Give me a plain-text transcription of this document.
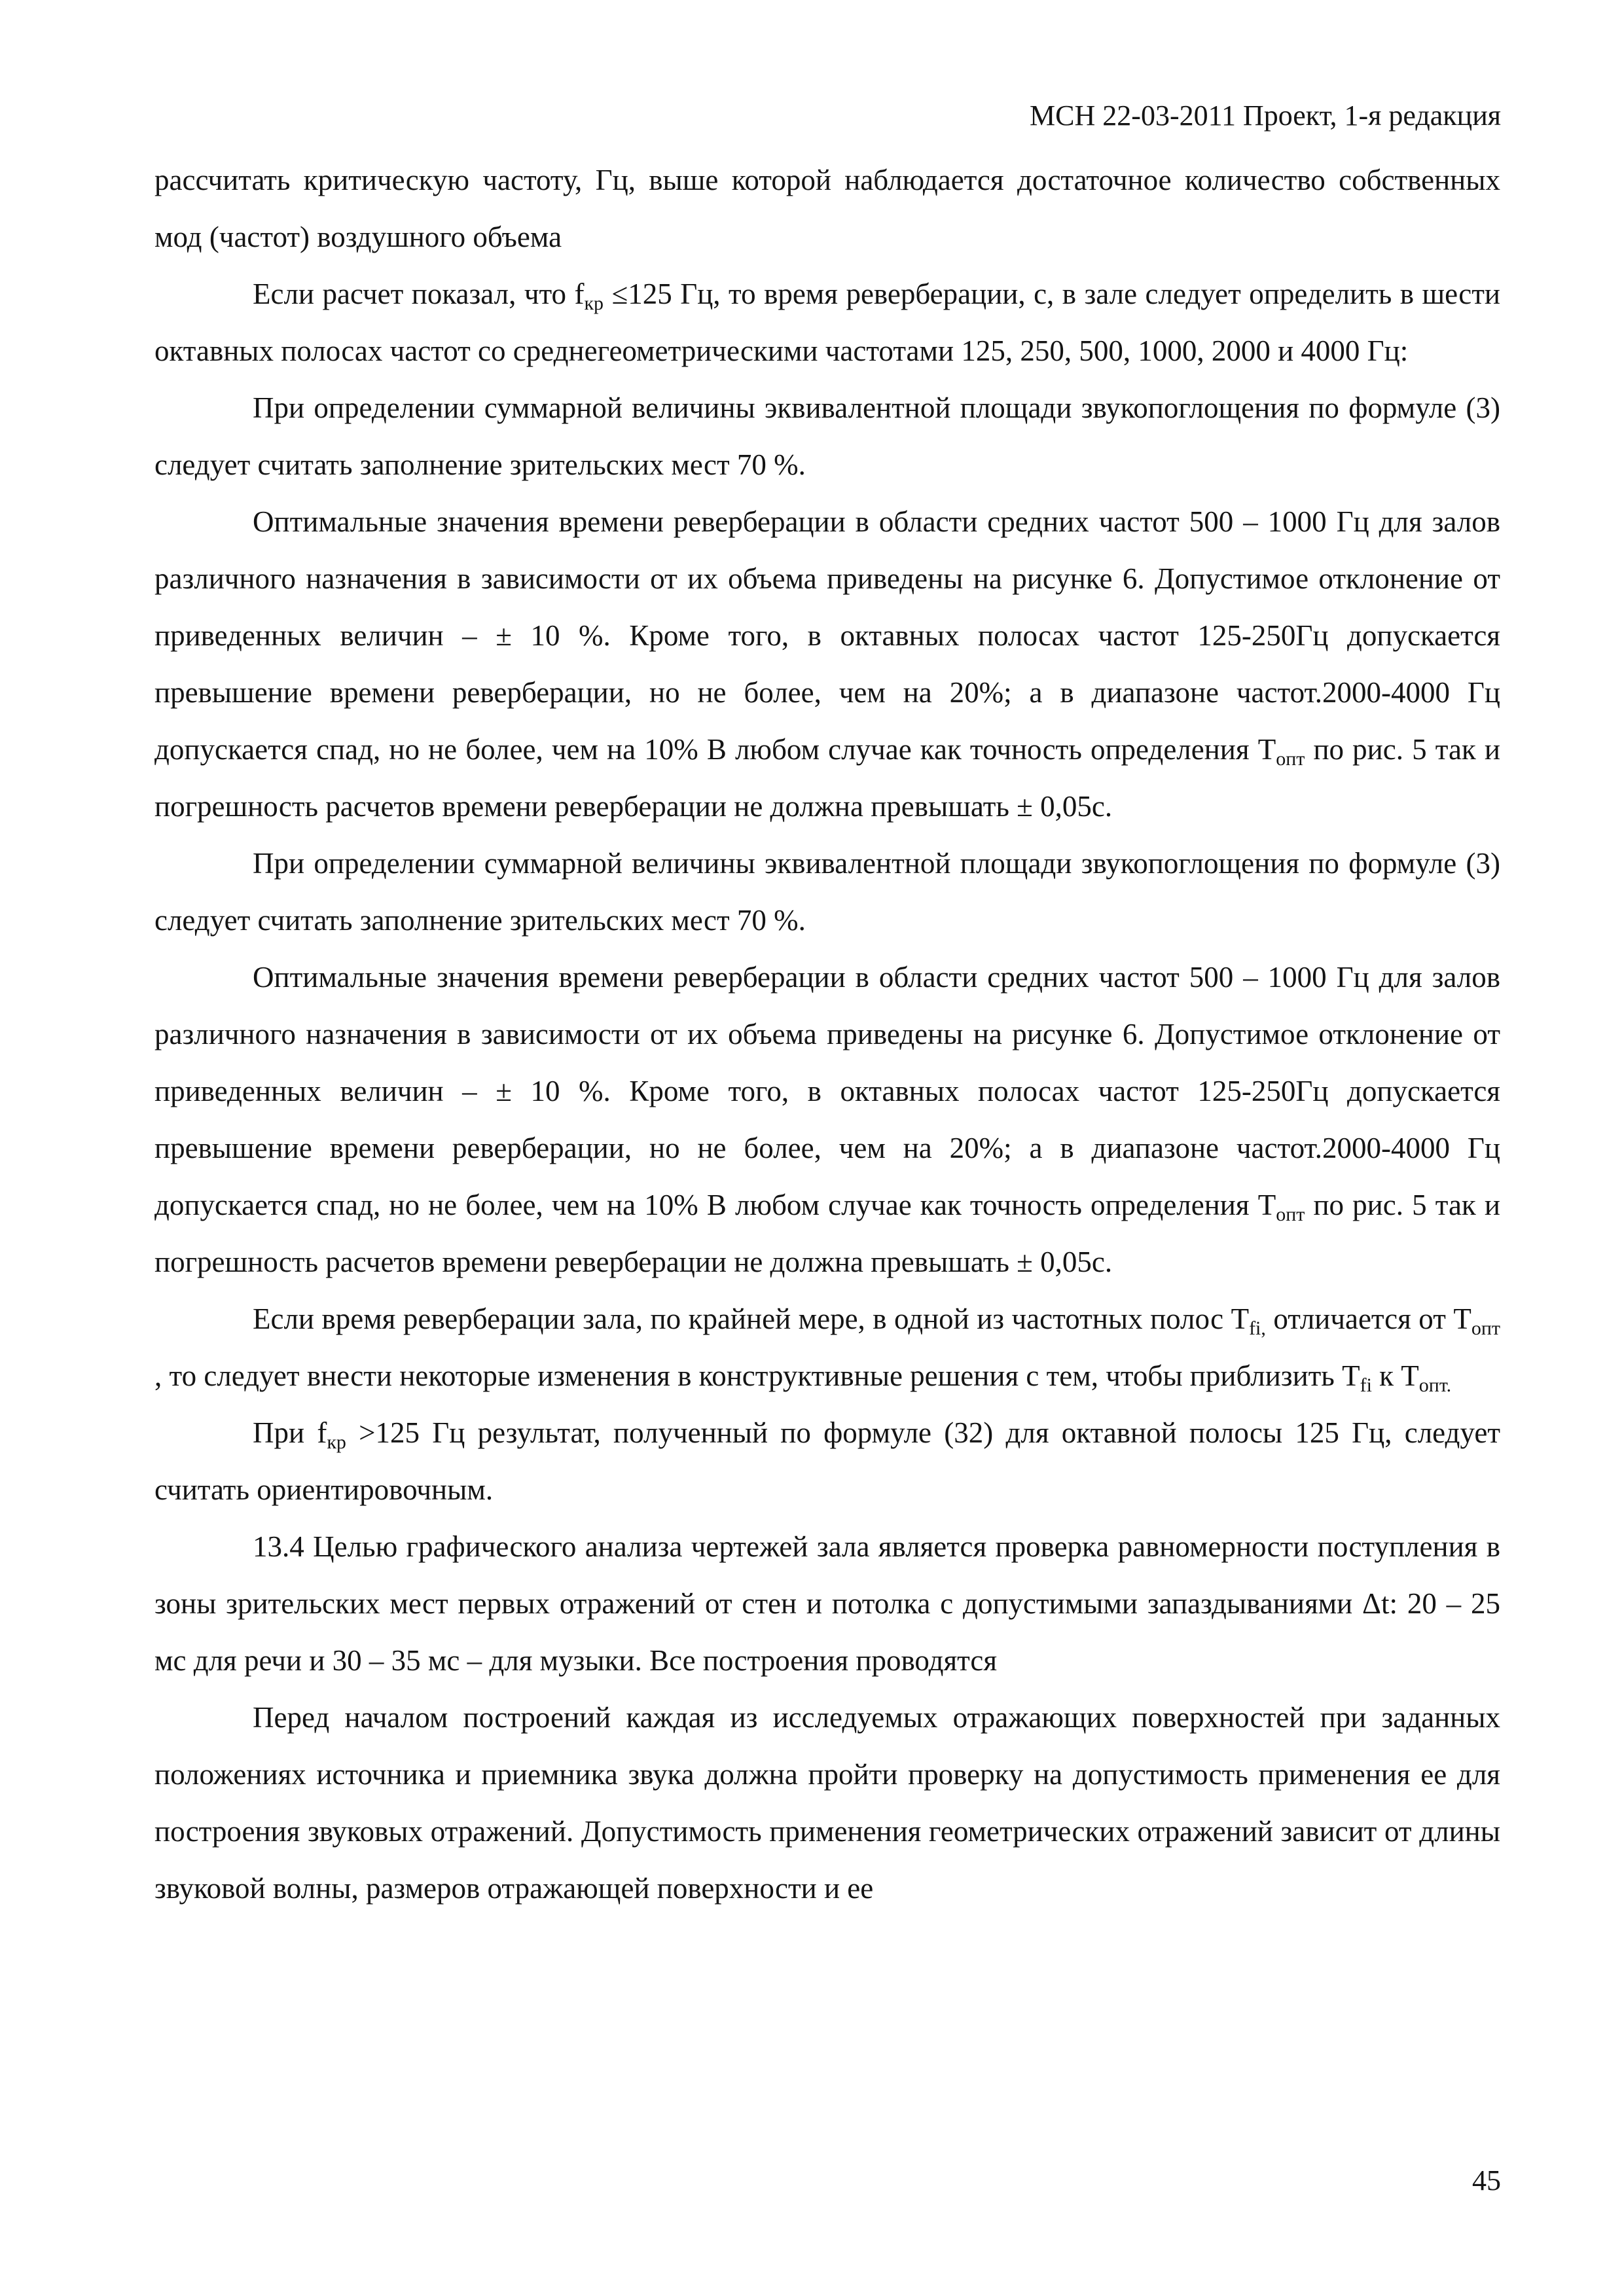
МСН 22-03-2011 Проект, 1-я редакция

рассчитать критическую частоту, Гц, выше которой наблюдается достаточное количество собственных мод (частот) воздушного объема

Если расчет показал, что $f_{кр} \le 125$ Гц, то время реверберации, с, в зале следует определить в шести октавных полосах частот со среднегеометрическими частотами 125, 250, 500, 1000, 2000 и 4000 Гц:

При определении суммарной величины эквивалентной площади звукопоглощения по формуле (3) следует считать заполнение зрительских мест 70 %.

Оптимальные значения времени реверберации в области средних частот 500 – 1000 Гц для залов различного назначения в зависимости от их объема приведены на рисунке 6. Допустимое отклонение от приведенных величин – ± 10 %. Кроме того, в октавных полосах частот 125-250Гц допускается превышение времени реверберации, но не более, чем на 20%; а в диапазоне частот.2000-4000 Гц допускается спад, но не более, чем на 10% В любом случае как точность определения $T_{опт}$ по рис. 5 так и погрешность расчетов времени реверберации не должна превышать ± 0,05с.

При определении суммарной величины эквивалентной площади звукопоглощения по формуле (3) следует считать заполнение зрительских мест 70 %.

Оптимальные значения времени реверберации в области средних частот 500 – 1000 Гц для залов различного назначения в зависимости от их объема приведены на рисунке 6. Допустимое отклонение от приведенных величин – ± 10 %. Кроме того, в октавных полосах частот 125-250Гц допускается превышение времени реверберации, но не более, чем на 20%; а в диапазоне частот.2000-4000 Гц допускается спад, но не более, чем на 10% В любом случае как точность определения $T_{опт}$ по рис. 5 так и погрешность расчетов времени реверберации не должна превышать ± 0,05с.

Если время реверберации зала, по крайней мере, в одной из частотных полос $T_{fi,}$ отличается от $T_{опт}$ , то следует внести некоторые изменения в конструктивные решения с тем, чтобы приблизить $T_{fi}$ к $T_{опт.}$

При $f_{кр} >125$ Гц результат, полученный по формуле (32) для октавной полосы 125 Гц, следует считать ориентировочным.

13.4 Целью графического анализа чертежей зала является проверка равномерности поступления в зоны зрительских мест первых отражений от стен и потолка с допустимыми запаздываниями Δt: 20 – 25 мс для речи и 30 – 35 мс – для музыки. Все построения проводятся

Перед началом построений каждая из исследуемых отражающих поверхностей при заданных положениях источника и приемника звука должна пройти проверку на допустимость применения ее для построения звуковых отражений. Допустимость применения геометрических отражений зависит от длины звуковой волны, размеров отражающей поверхности и ее

45
